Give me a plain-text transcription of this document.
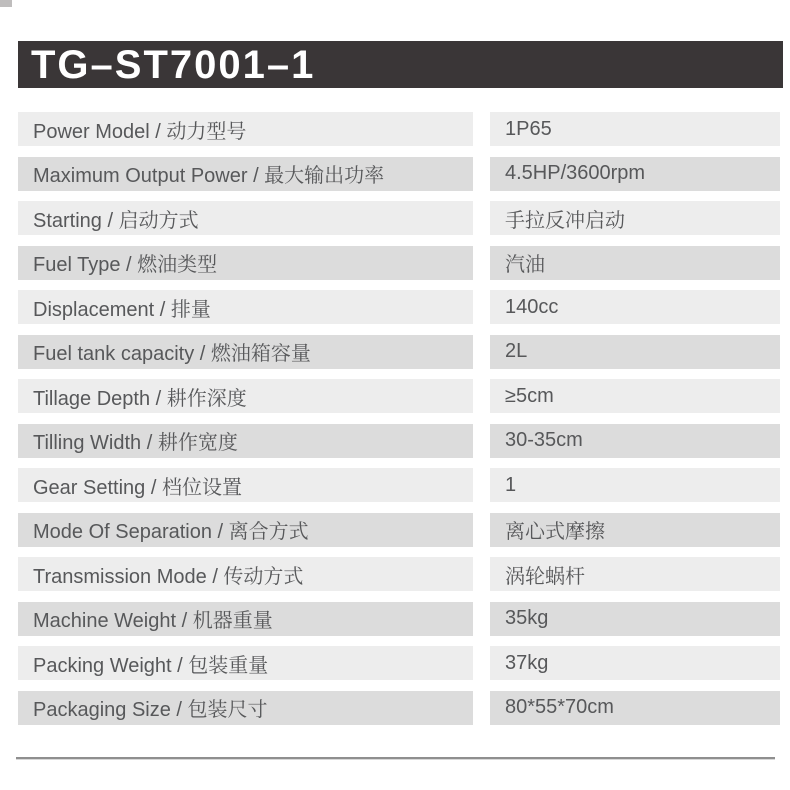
TG–ST7001–1
Power Model / 动力型号	1P65
Maximum Output Power / 最大输出功率	4.5HP/3600rpm
Starting / 启动方式	手拉反冲启动
Fuel Type / 燃油类型	汽油
Displacement / 排量	140cc
Fuel tank capacity / 燃油箱容量	2L
Tillage Depth / 耕作深度	≥5cm
Tilling Width / 耕作宽度	30-35cm
Gear Setting / 档位设置	1
Mode Of Separation / 离合方式	离心式摩擦
Transmission Mode / 传动方式	涡轮蜗杆
Machine Weight / 机器重量	35kg
Packing Weight / 包装重量	37kg
Packaging Size / 包装尺寸	80*55*70cm
